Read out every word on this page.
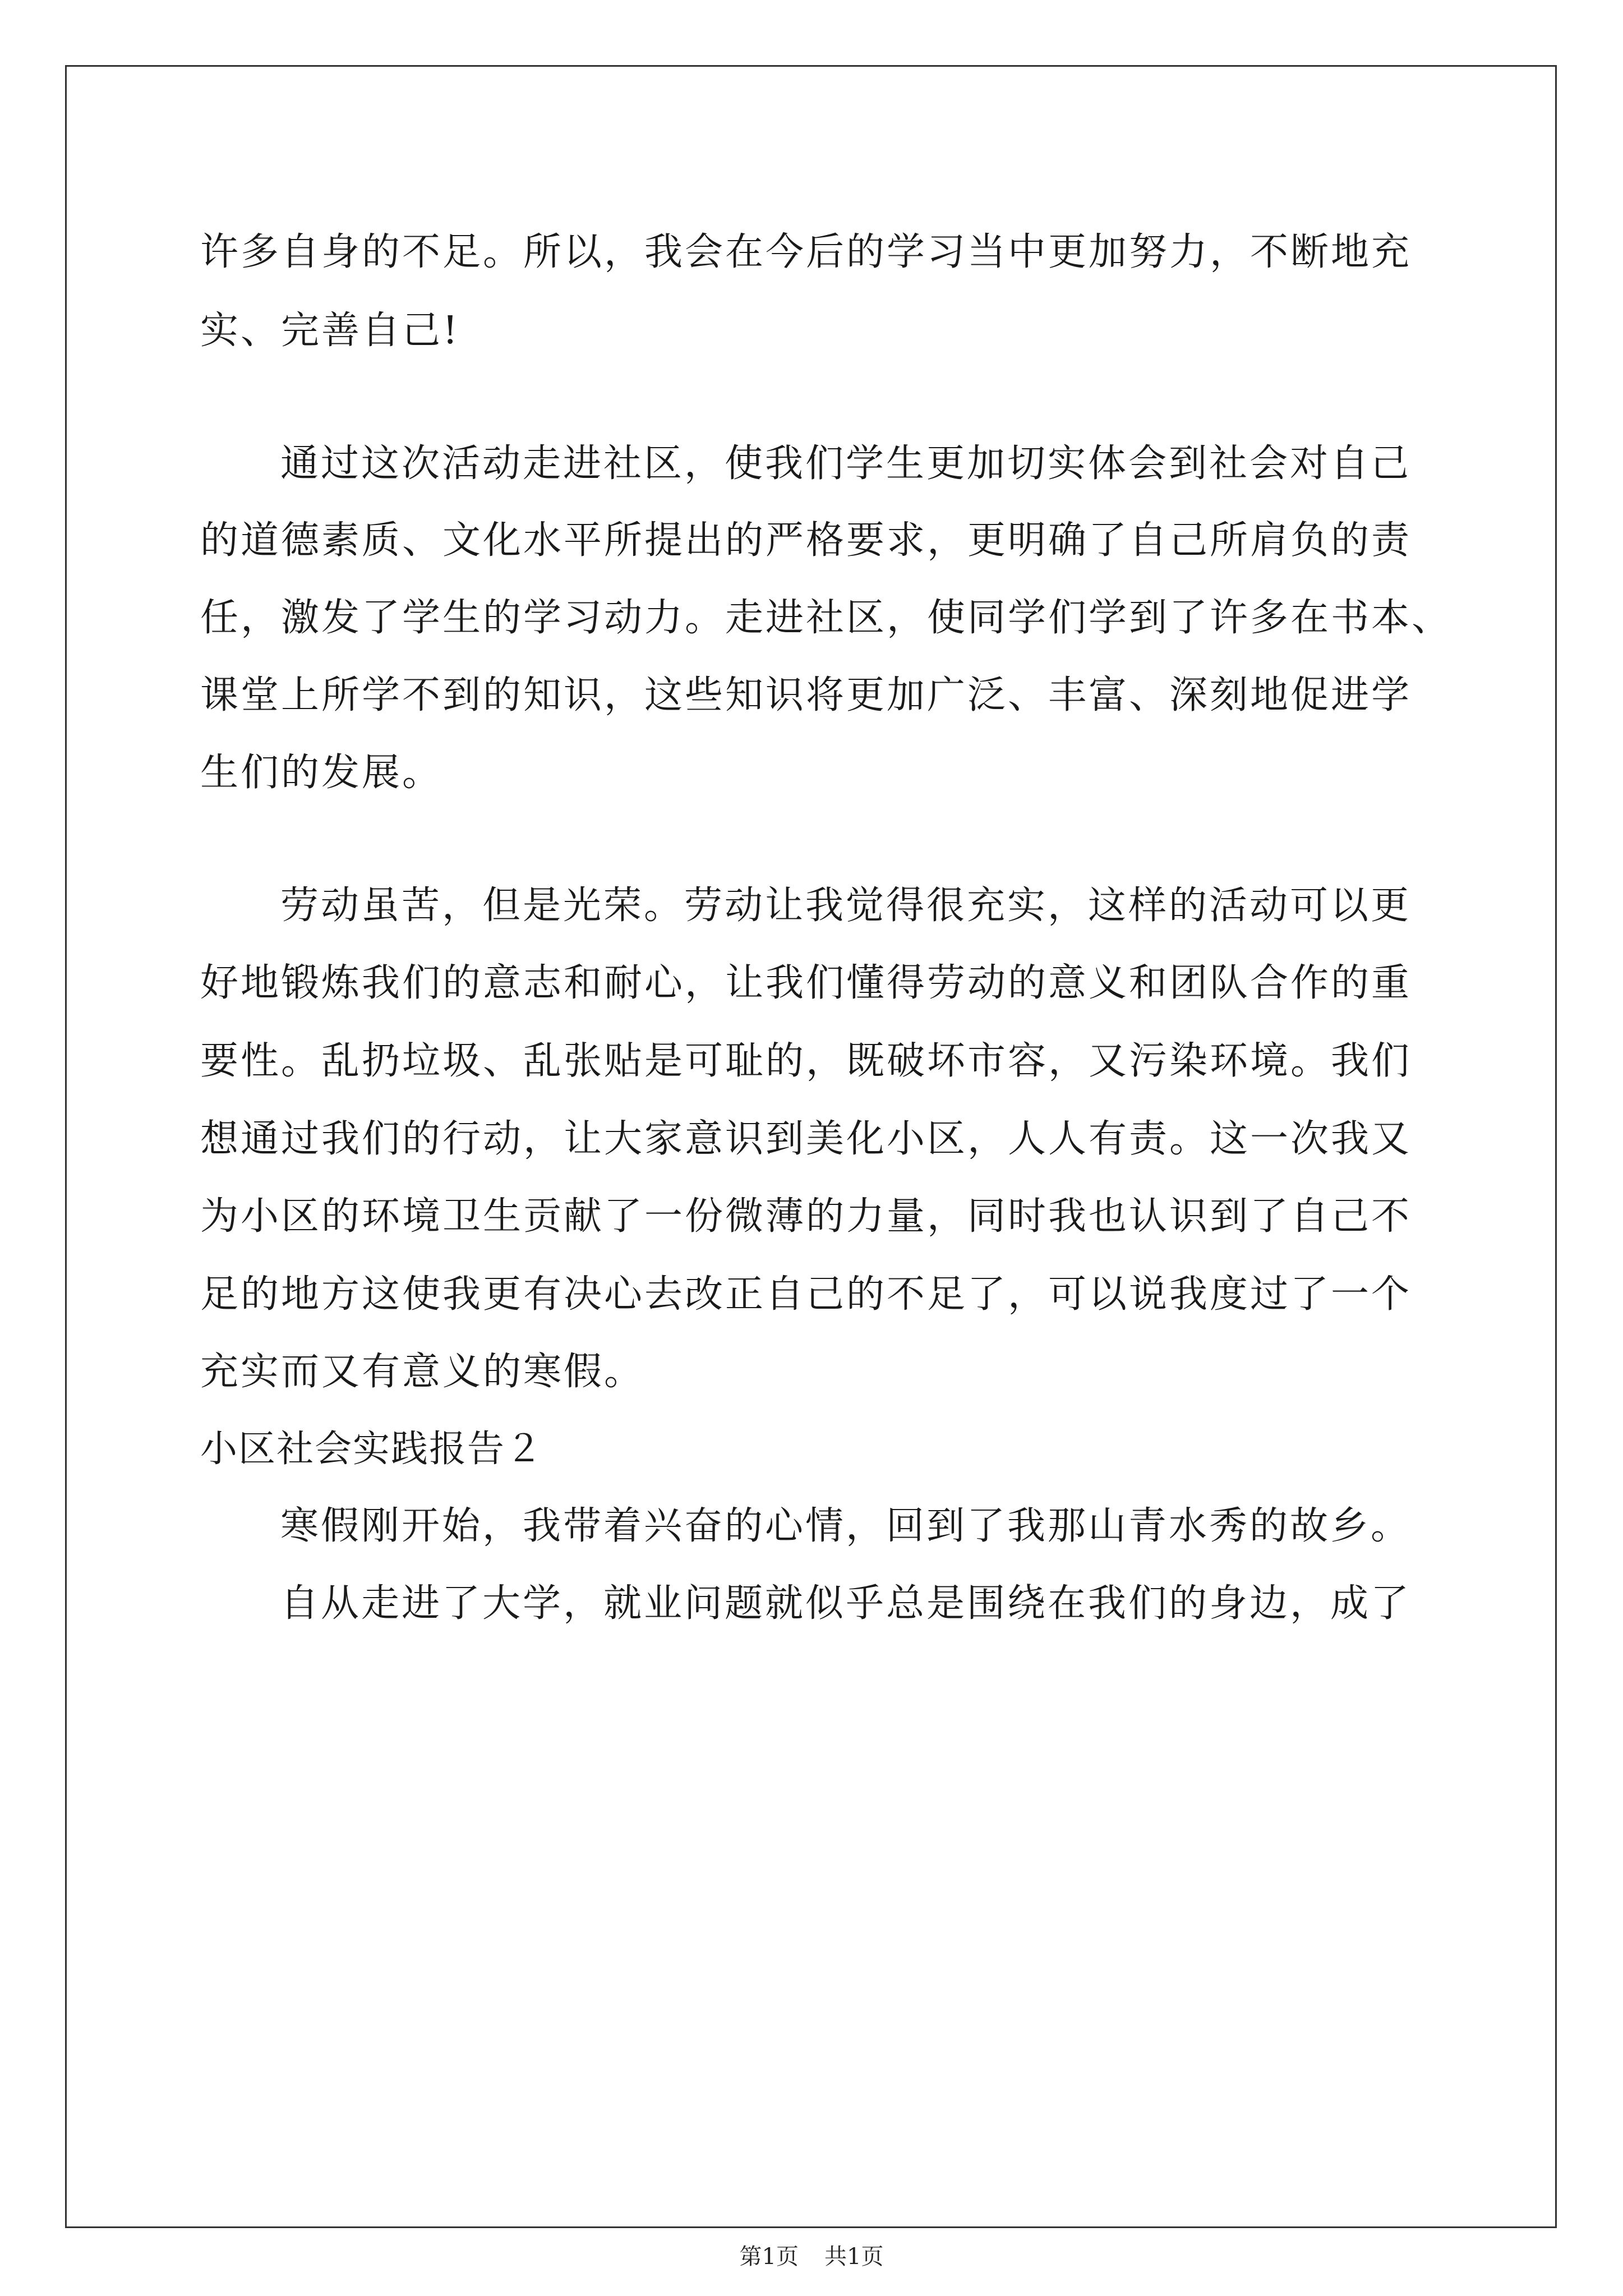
许多自身的不足。所以，我会在今后的学习当中更加努力，不断地充
实、完善自己!
通过这次活动走进社区，使我们学生更加切实体会到社会对自己
的道德素质、文化水平所提出的严格要求，更明确了自己所肩负的责
任，激发了学生的学习动力。走进社区，使同学们学到了许多在书本、
课堂上所学不到的知识，这些知识将更加广泛、丰富、深刻地促进学
生们的发展。
劳动虽苦，但是光荣。劳动让我觉得很充实，这样的活动可以更
好地锻炼我们的意志和耐心，让我们懂得劳动的意义和团队合作的重
要性。乱扔垃圾、乱张贴是可耻的，既破坏市容，又污染环境。我们
想通过我们的行动，让大家意识到美化小区，人人有责。这一次我又
为小区的环境卫生贡献了一份微薄的力量，同时我也认识到了自己不
足的地方这使我更有决心去改正自己的不足了，可以说我度过了一个
充实而又有意义的寒假。
小区社会实践报告２
寒假刚开始，我带着兴奋的心情，回到了我那山青水秀的故乡。
自从走进了大学，就业问题就似乎总是围绕在我们的身边，成了
第1页 共1页
